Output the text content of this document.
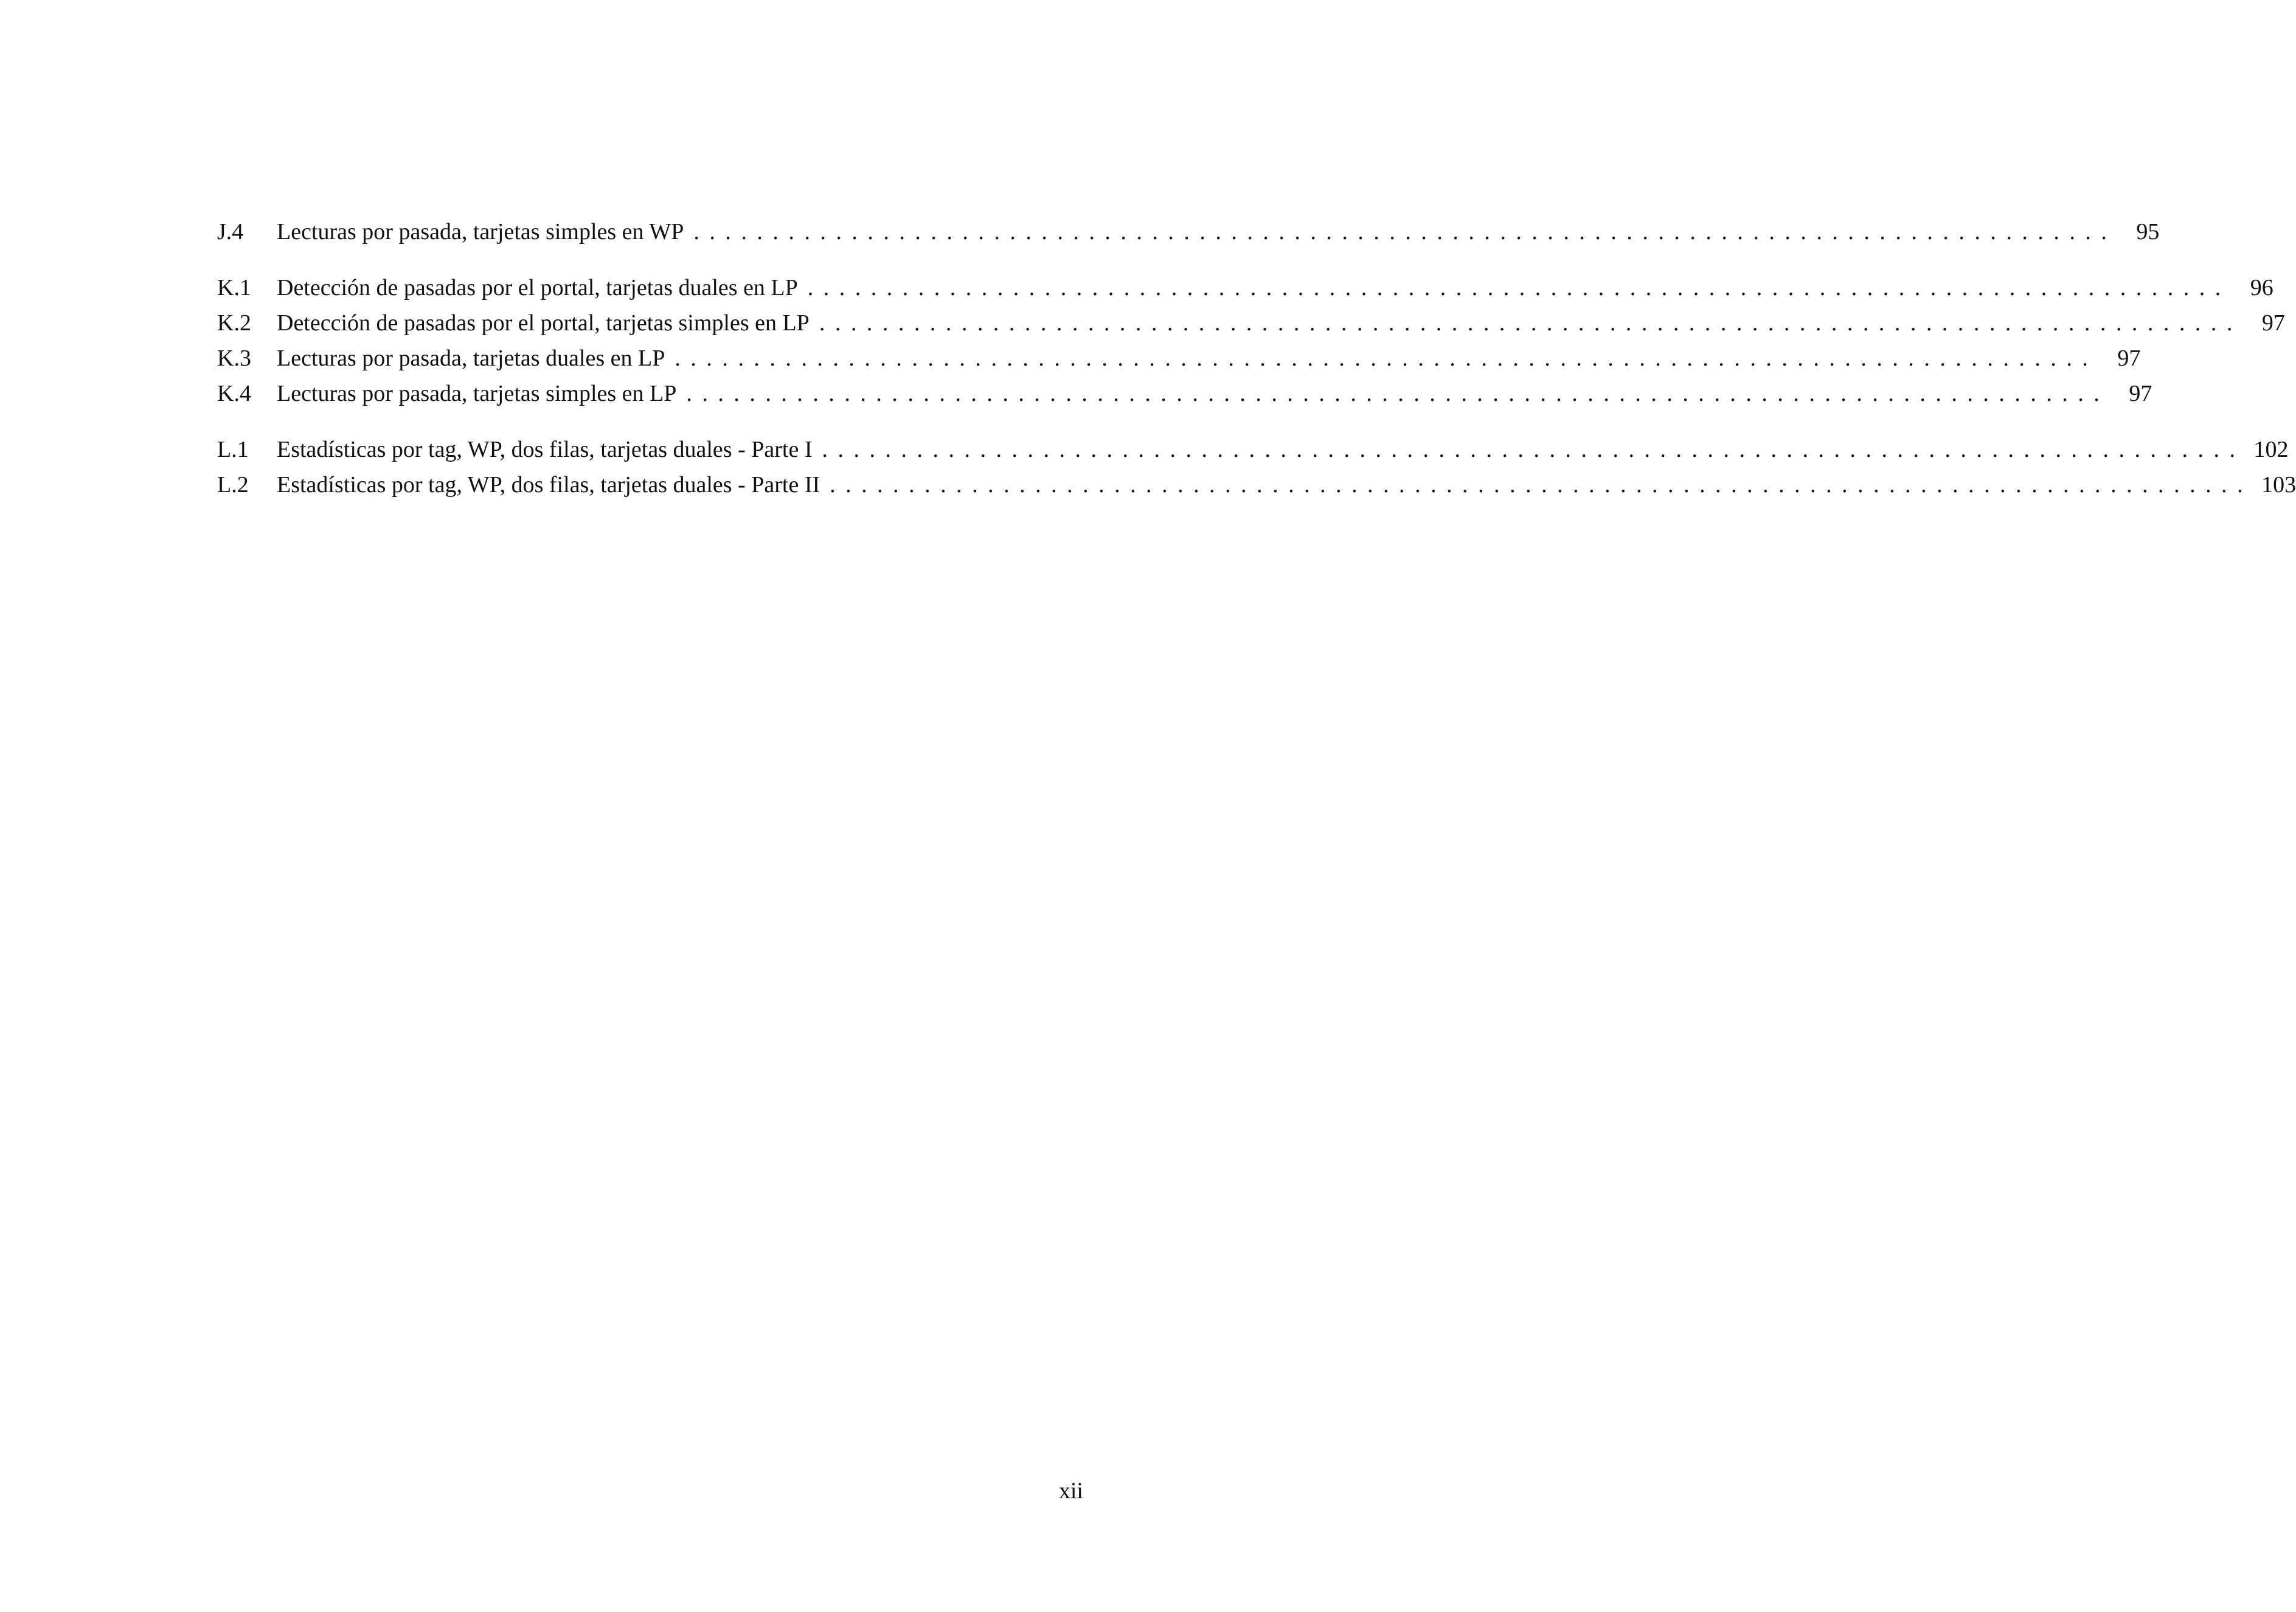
J.4	Lecturas por pasada, tarjetas simples en WP .......................................................................................... 95
K.1	Detección de pasadas por el portal, tarjetas duales en LP .......................................................................................... 96
K.2	Detección de pasadas por el portal, tarjetas simples en LP .......................................................................................... 97
K.3	Lecturas por pasada, tarjetas duales en LP .......................................................................................... 97
K.4	Lecturas por pasada, tarjetas simples en LP .......................................................................................... 97
L.1	Estadísticas por tag, WP, dos filas, tarjetas duales - Parte I .......................................................................................... 102
L.2	Estadísticas por tag, WP, dos filas, tarjetas duales - Parte II .......................................................................................... 103
xii
